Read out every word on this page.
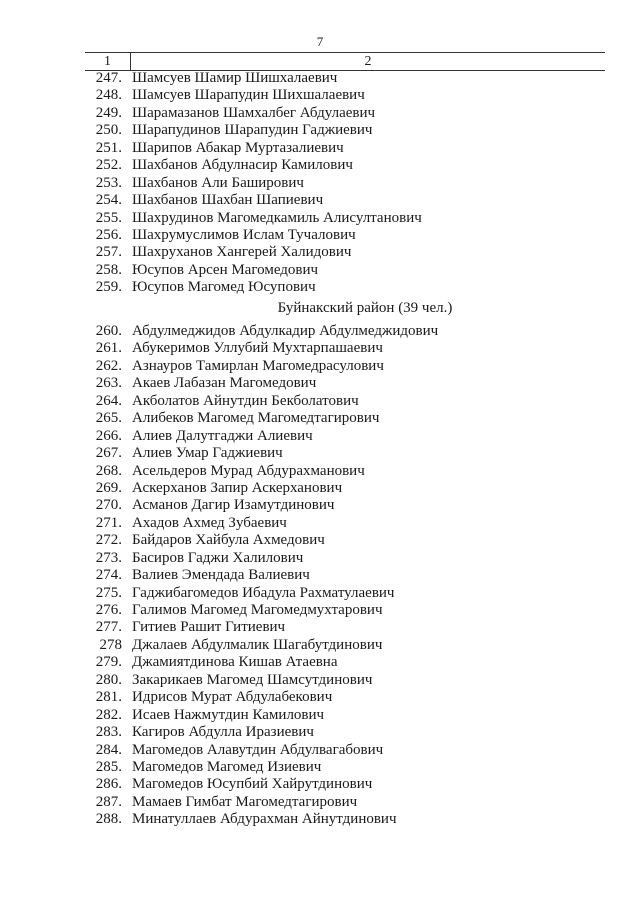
7
1	2
247. Шамсуев Шамир Шишхалаевич
248. Шамсуев Шарапудин Шихшалаевич
249. Шарамазанов Шамхалбег Абдулаевич
250. Шарапудинов Шарапудин Гаджиевич
251. Шарипов Абакар Муртазалиевич
252. Шахбанов Абдулнасир Камилович
253. Шахбанов Али Баширович
254. Шахбанов Шахбан Шапиевич
255. Шахрудинов Магомедкамиль Алисултанович
256. Шахрумуслимов Ислам Тучалович
257. Шахруханов Хангерей Халидович
258. Юсупов Арсен Магомедович
259. Юсупов Магомед Юсупович
Буйнакский район (39 чел.)
260. Абдулмеджидов Абдулкадир Абдулмеджидович
261. Абукеримов Уллубий Мухтарпашаевич
262. Азнауров Тамирлан Магомедрасулович
263. Акаев Лабазан Магомедович
264. Акболатов Айнутдин Бекболатович
265. Алибеков Магомед Магомедтагирович
266. Алиев Далутгаджи Алиевич
267. Алиев Умар Гаджиевич
268. Асельдеров Мурад Абдурахманович
269. Аскерханов Запир Аскерханович
270. Асманов Дагир Изамутдинович
271. Ахадов Ахмед Зубаевич
272. Байдаров Хайбула Ахмедович
273. Басиров Гаджи Халилович
274. Валиев Эмендада Валиевич
275. Гаджибагомедов Ибадула Рахматулаевич
276. Галимов Магомед Магомедмухтарович
277. Гитиев Рашит Гитиевич
278 Джалаев Абдулмалик Шагабутдинович
279. Джамиятдинова Кишав Атаевна
280. Закарикаев Магомед Шамсутдинович
281. Идрисов Мурат Абдулабекович
282. Исаев Нажмутдин Камилович
283. Кагиров Абдулла Иразиевич
284. Магомедов Алавутдин Абдулвагабович
285. Магомедов Магомед Изиевич
286. Магомедов Юсупбий Хайрутдинович
287. Мамаев Гимбат Магомедтагирович
288. Минатуллаев Абдурахман Айнутдинович
